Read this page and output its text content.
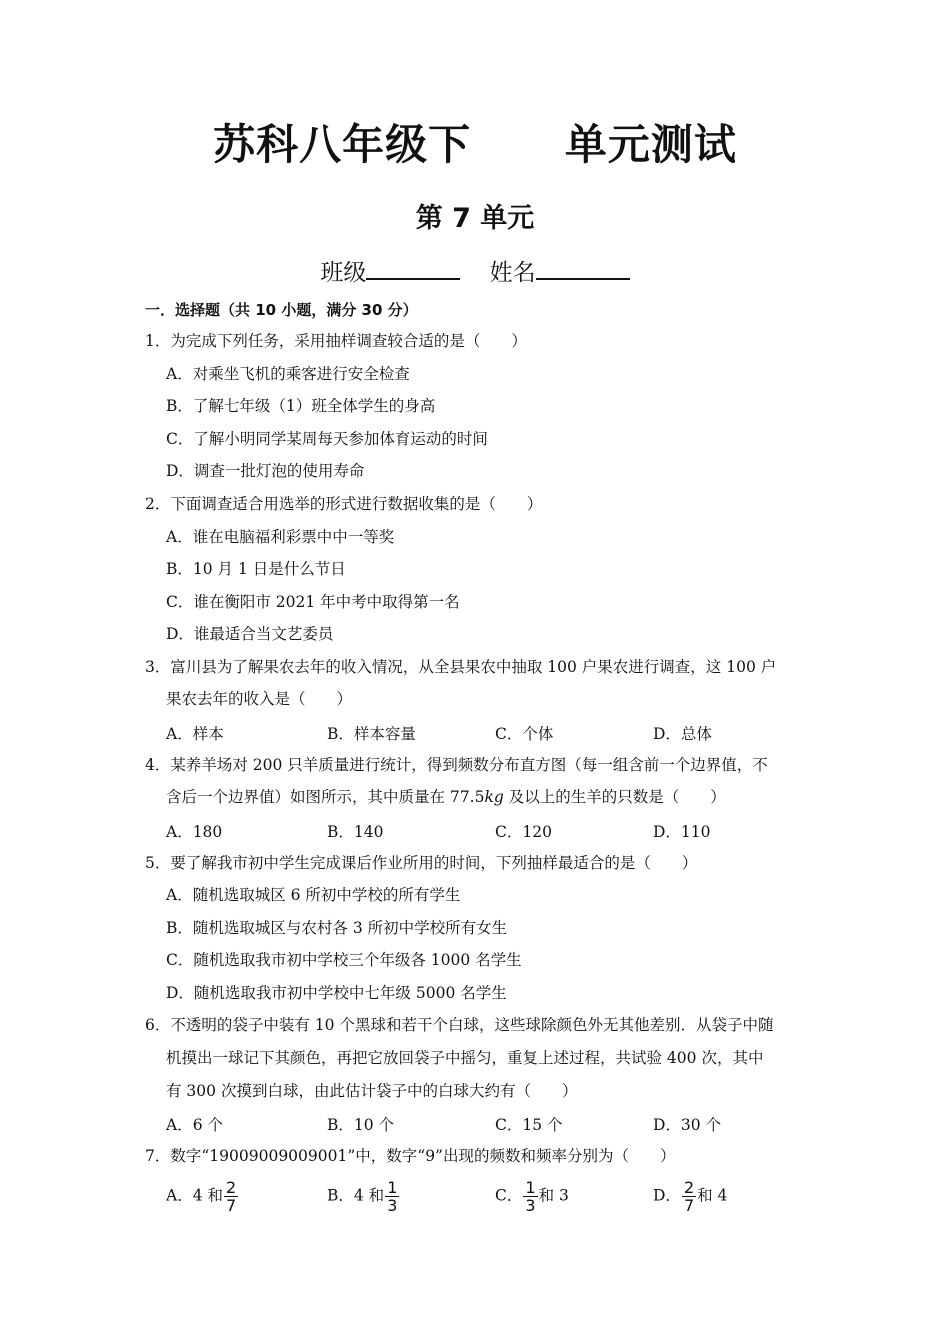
苏科八年级下      单元测试
第 7 单元
班级	姓名
一．选择题（共 10 小题，满分 30 分）
1．为完成下列任务，采用抽样调查较合适的是（　　）
A．对乘坐飞机的乘客进行安全检查
B．了解七年级（1）班全体学生的身高
C．了解小明同学某周每天参加体育运动的时间
D．调查一批灯泡的使用寿命
2．下面调查适合用选举的形式进行数据收集的是（　　）
A．谁在电脑福利彩票中中一等奖
B．10 月 1 日是什么节日
C．谁在衡阳市 2021 年中考中取得第一名
D．谁最适合当文艺委员
3．富川县为了解果农去年的收入情况，从全县果农中抽取 100 户果农进行调查，这 100 户
果农去年的收入是（　　）
A．样本	B．样本容量	C．个体	D．总体
4．某养羊场对 200 只羊质量进行统计，得到频数分布直方图（每一组含前一个边界值，不
含后一个边界值）如图所示，其中质量在 77.5kg 及以上的生羊的只数是（　　）
A．180	B．140	C．120	D．110
5．要了解我市初中学生完成课后作业所用的时间，下列抽样最适合的是（　　）
A．随机选取城区 6 所初中学校的所有学生
B．随机选取城区与农村各 3 所初中学校所有女生
C．随机选取我市初中学校三个年级各 1000 名学生
D．随机选取我市初中学校中七年级 5000 名学生
6．不透明的袋子中装有 10 个黑球和若干个白球，这些球除颜色外无其他差别．从袋子中随
机摸出一球记下其颜色，再把它放回袋子中摇匀，重复上述过程，共试验 400 次，其中
有 300 次摸到白球，由此估计袋子中的白球大约有（　　）
A．6 个	B．10 个	C．15 个	D．30 个
7．数字“19009009009001”中，数字“9”出现的频数和频率分别为（　　）
A．4 和 $\frac{2}{7}$	B．4 和 $\frac{1}{3}$	C． $\frac{1}{3}$ 和 3	D． $\frac{2}{7}$ 和 4
